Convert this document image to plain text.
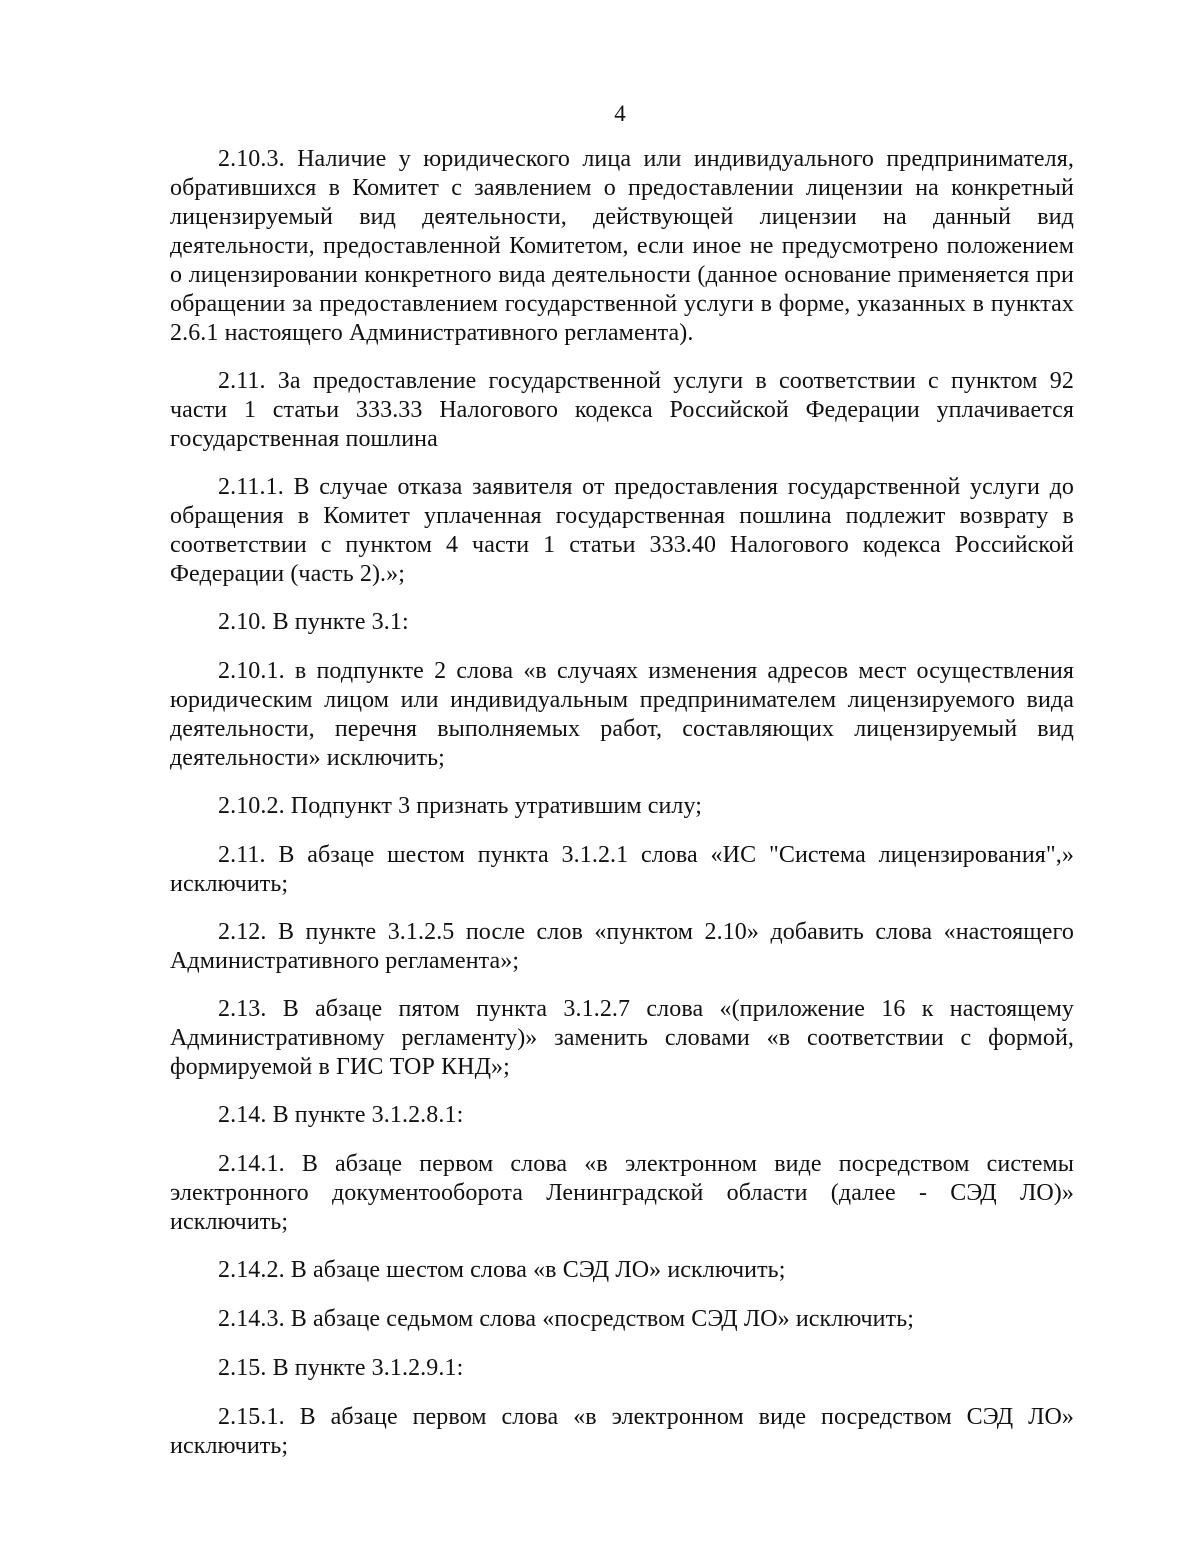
4

2.10.3. Наличие у юридического лица или индивидуального предпринимателя, обратившихся в Комитет с заявлением о предоставлении лицензии на конкретный лицензируемый вид деятельности, действующей лицензии на данный вид деятельности, предоставленной Комитетом, если иное не предусмотрено положением о лицензировании конкретного вида деятельности (данное основание применяется при обращении за предоставлением государственной услуги в форме, указанных в пунктах 2.6.1 настоящего Административного регламента).

2.11. За предоставление государственной услуги в соответствии с пунктом 92 части 1 статьи 333.33 Налогового кодекса Российской Федерации уплачивается государственная пошлина

2.11.1. В случае отказа заявителя от предоставления государственной услуги до обращения в Комитет уплаченная государственная пошлина подлежит возврату в соответствии с пунктом 4 части 1 статьи 333.40 Налогового кодекса Российской Федерации (часть 2).»;

2.10. В пункте 3.1:

2.10.1. в подпункте 2 слова «в случаях изменения адресов мест осуществления юридическим лицом или индивидуальным предпринимателем лицензируемого вида деятельности, перечня выполняемых работ, составляющих лицензируемый вид деятельности» исключить;

2.10.2. Подпункт 3 признать утратившим силу;

2.11. В абзаце шестом пункта 3.1.2.1 слова «ИС "Система лицензирования",» исключить;

2.12. В пункте 3.1.2.5 после слов «пунктом 2.10» добавить слова «настоящего Административного регламента»;

2.13. В абзаце пятом пункта 3.1.2.7 слова «(приложение 16 к настоящему Административному регламенту)» заменить словами «в соответствии с формой, формируемой в ГИС ТОР КНД»;

2.14. В пункте 3.1.2.8.1:

2.14.1. В абзаце первом слова «в электронном виде посредством системы электронного документооборота Ленинградской области (далее - СЭД ЛО)» исключить;

2.14.2. В абзаце шестом слова «в СЭД ЛО» исключить;

2.14.3. В абзаце седьмом слова «посредством СЭД ЛО» исключить;

2.15. В пункте 3.1.2.9.1:

2.15.1. В абзаце первом слова «в электронном виде посредством СЭД ЛО» исключить;
